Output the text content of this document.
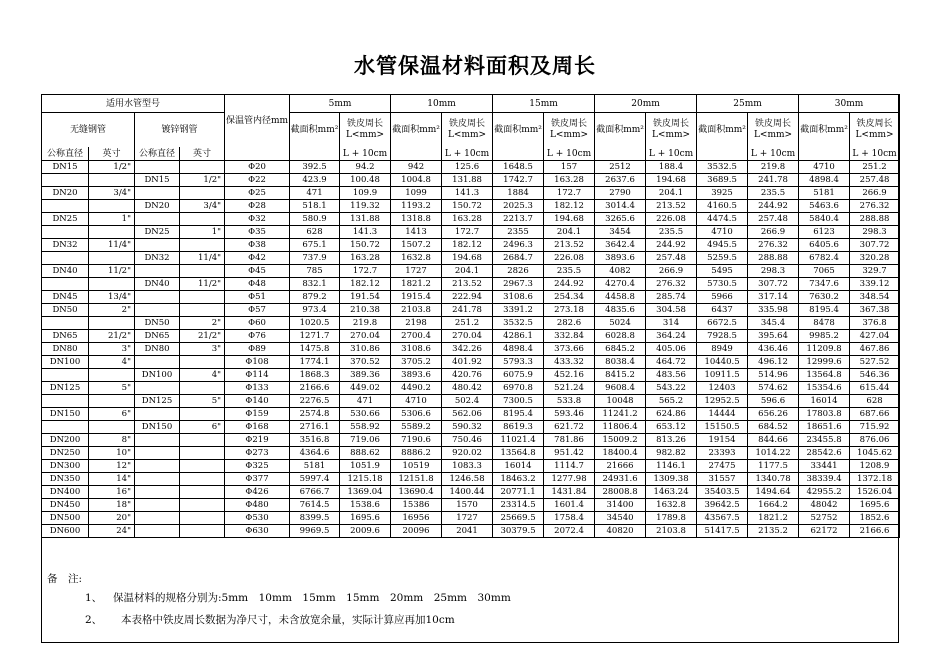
水管保温材料面积及周长
适用水管型号				保温管内径mm	5mm		10mm		15mm		20mm		25mm		30mm	
无缝钢管		镀锌钢管			截面积mm²	铁皮周长 L<mm>	截面积mm²	铁皮周长 L<mm>	截面积mm²	铁皮周长 L<mm>	截面积mm²	铁皮周长 L<mm>	截面积mm²	铁皮周长 L<mm>	截面积mm²	铁皮周长 L<mm>
公称直径	英寸	公称直径	英寸			L + 10cm		L + 10cm		L + 10cm		L + 10cm		L + 10cm		L + 10cm
DN15	1/2"			Φ20	392.5	94.2	942	125.6	1648.5	157	2512	188.4	3532.5	219.8	4710	251.2
		DN15	1/2"	Φ22	423.9	100.48	1004.8	131.88	1742.7	163.28	2637.6	194.68	3689.5	241.78	4898.4	257.48
DN20	3/4"			Φ25	471	109.9	1099	141.3	1884	172.7	2790	204.1	3925	235.5	5181	266.9
		DN20	3/4"	Φ28	518.1	119.32	1193.2	150.72	2025.3	182.12	3014.4	213.52	4160.5	244.92	5463.6	276.32
DN25	1"			Φ32	580.9	131.88	1318.8	163.28	2213.7	194.68	3265.6	226.08	4474.5	257.48	5840.4	288.88
		DN25	1"	Φ35	628	141.3	1413	172.7	2355	204.1	3454	235.5	4710	266.9	6123	298.3
DN32	11/4"			Φ38	675.1	150.72	1507.2	182.12	2496.3	213.52	3642.4	244.92	4945.5	276.32	6405.6	307.72
		DN32	11/4"	Φ42	737.9	163.28	1632.8	194.68	2684.7	226.08	3893.6	257.48	5259.5	288.88	6782.4	320.28
DN40	11/2"			Φ45	785	172.7	1727	204.1	2826	235.5	4082	266.9	5495	298.3	7065	329.7
		DN40	11/2"	Φ48	832.1	182.12	1821.2	213.52	2967.3	244.92	4270.4	276.32	5730.5	307.72	7347.6	339.12
DN45	13/4"			Φ51	879.2	191.54	1915.4	222.94	3108.6	254.34	4458.8	285.74	5966	317.14	7630.2	348.54
DN50	2"			Φ57	973.4	210.38	2103.8	241.78	3391.2	273.18	4835.6	304.58	6437	335.98	8195.4	367.38
		DN50	2"	Φ60	1020.5	219.8	2198	251.2	3532.5	282.6	5024	314	6672.5	345.4	8478	376.8
DN65	21/2"	DN65	21/2"	Φ76	1271.7	270.04	2700.4	270.04	4286.1	332.84	6028.8	364.24	7928.5	395.64	9985.2	427.04
DN80	3"	DN80	3"	Φ89	1475.8	310.86	3108.6	342.26	4898.4	373.66	6845.2	405.06	8949	436.46	11209.8	467.86
DN100	4"			Φ108	1774.1	370.52	3705.2	401.92	5793.3	433.32	8038.4	464.72	10440.5	496.12	12999.6	527.52
		DN100	4"	Φ114	1868.3	389.36	3893.6	420.76	6075.9	452.16	8415.2	483.56	10911.5	514.96	13564.8	546.36
DN125	5"			Φ133	2166.6	449.02	4490.2	480.42	6970.8	521.24	9608.4	543.22	12403	574.62	15354.6	615.44
		DN125	5"	Φ140	2276.5	471	4710	502.4	7300.5	533.8	10048	565.2	12952.5	596.6	16014	628
DN150	6"			Φ159	2574.8	530.66	5306.6	562.06	8195.4	593.46	11241.2	624.86	14444	656.26	17803.8	687.66
		DN150	6"	Φ168	2716.1	558.92	5589.2	590.32	8619.3	621.72	11806.4	653.12	15150.5	684.52	18651.6	715.92
DN200	8"			Φ219	3516.8	719.06	7190.6	750.46	11021.4	781.86	15009.2	813.26	19154	844.66	23455.8	876.06
DN250	10"			Φ273	4364.6	888.62	8886.2	920.02	13564.8	951.42	18400.4	982.82	23393	1014.22	28542.6	1045.62
DN300	12"			Φ325	5181	1051.9	10519	1083.3	16014	1114.7	21666	1146.1	27475	1177.5	33441	1208.9
DN350	14"			Φ377	5997.4	1215.18	12151.8	1246.58	18463.2	1277.98	24931.6	1309.38	31557	1340.78	38339.4	1372.18
DN400	16"			Φ426	6766.7	1369.04	13690.4	1400.44	20771.1	1431.84	28008.8	1463.24	35403.5	1494.64	42955.2	1526.04
DN450	18"			Φ480	7614.5	1538.6	15386	1570	23314.5	1601.4	31400	1632.8	39642.5	1664.2	48042	1695.6
DN500	20"			Φ530	8399.5	1695.6	16956	1727	25669.5	1758.4	34540	1789.8	43567.5	1821.2	52752	1852.6
DN600	24"			Φ630	9969.5	2009.6	20096	2041	30379.5	2072.4	40820	2103.8	51417.5	2135.2	62172	2166.6
备　注:
1、 保温材料的规格分别为:5mm　10mm　15mm　15mm　20mm　25mm　30mm
2、 本表格中铁皮周长数据为净尺寸，未含放宽余量，实际计算应再加10cm
